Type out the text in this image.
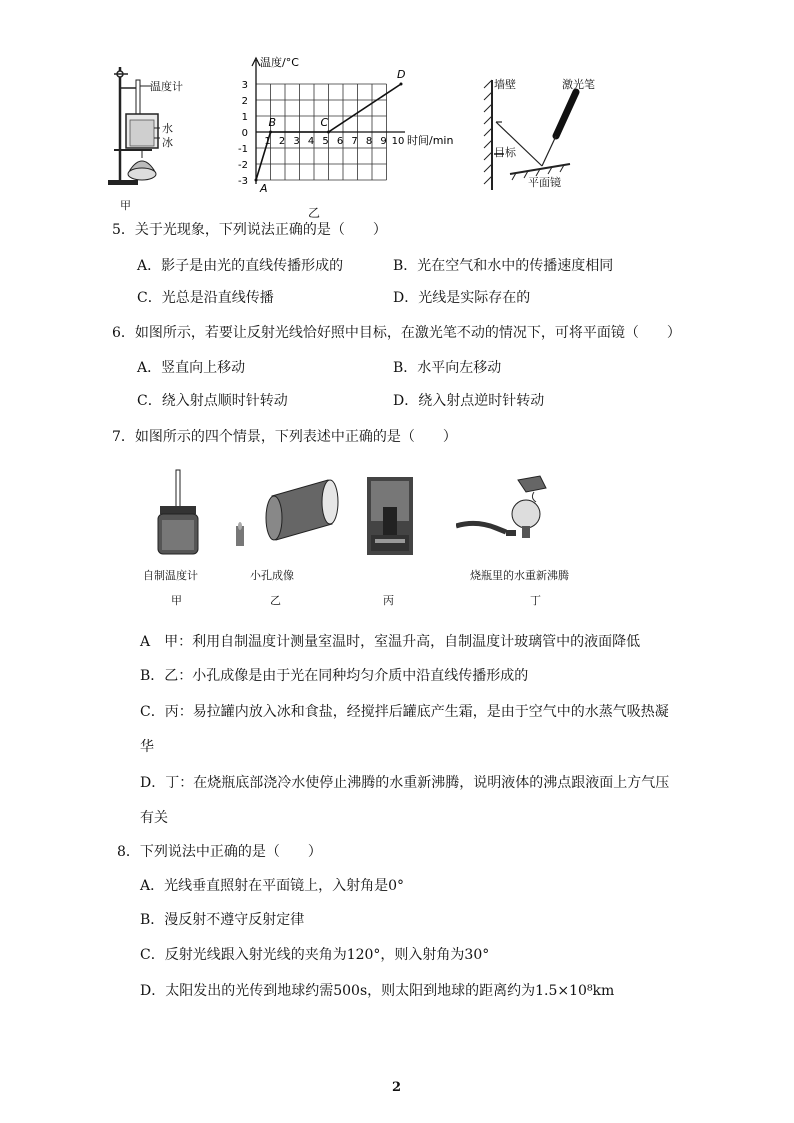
温度计
水
冰
甲
温度/°C
3
2
1
0
-1
-2
-3
1 2 3 4 5 6 7 8 9 10 时间/min
A
B	C
D
乙
墙壁	激光笔
目标
平面镜
5．关于光现象，下列说法正确的是（　　）
A．影子是由光的直线传播形成的	B．光在空气和水中的传播速度相同
C．光总是沿直线传播	D．光线是实际存在的
6．如图所示，若要让反射光线恰好照中目标，在激光笔不动的情况下，可将平面镜（　　）
A．竖直向上移动	B．水平向左移动
C．绕入射点顺时针转动	D．绕入射点逆时针转动
7．如图所示的四个情景，下列表述中正确的是（　　）
自制温度计
甲
小孔成像
乙	丙
烧瓶里的水重新沸腾
丁
A　甲：利用自制温度计测量室温时，室温升高，自制温度计玻璃管中的液面降低
B．乙：小孔成像是由于光在同种均匀介质中沿直线传播形成的
C．丙：易拉罐内放入冰和食盐，经搅拌后罐底产生霜，是由于空气中的水蒸气吸热凝
华
D．丁：在烧瓶底部浇冷水使停止沸腾的水重新沸腾，说明液体的沸点跟液面上方气压
有关
8．下列说法中正确的是（　　）
A．光线垂直照射在平面镜上，入射角是0°
B．漫反射不遵守反射定律
C．反射光线跟入射光线的夹角为120°，则入射角为30°
D．太阳发出的光传到地球约需500s，则太阳到地球的距离约为1.5×10⁸km
2
